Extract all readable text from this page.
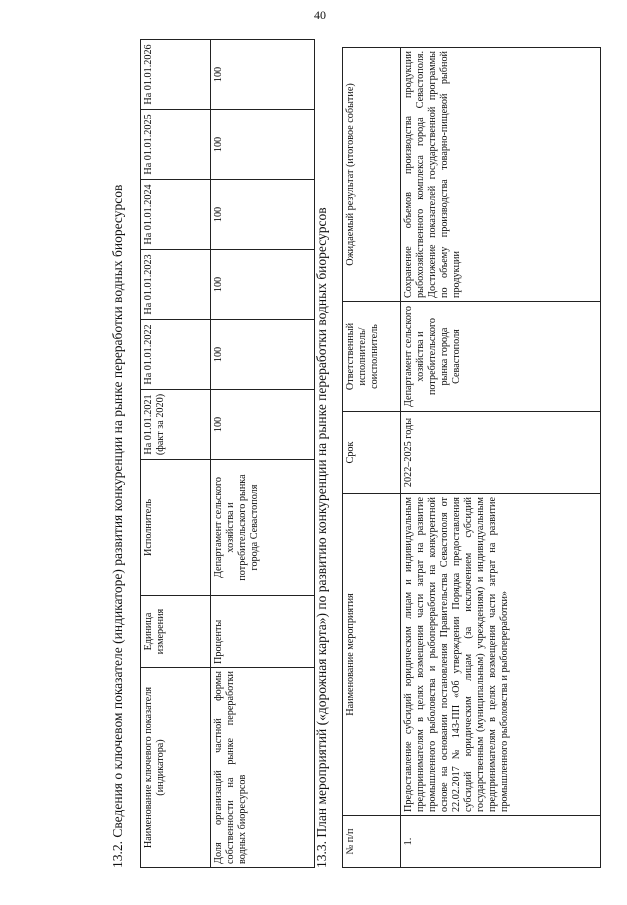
40
13.2. Сведения о ключевом показателе (индикаторе) развития конкуренции на рынке переработки водных биоресурсов Наименование ключевого показателя (индикатора)	Единица измерения	Исполнитель	На 01.01.2021 (факт за 2020)	На 01.01.2022	На 01.01.2023	На 01.01.2024	На 01.01.2025	На 01.01.2026
Доля организаций частной формы собственности на рынке переработки водных биоресурсов	Проценты	Департамент сельского хозяйства и потребительского рынка города Севастополя	100	100	100	100	100	100
13.3. План мероприятий («дорожная карта») по развитию конкуренции на рынке переработки водных биоресурсов № п/п	Наименование мероприятия	Срок	Ответственный исполнитель/ соисполнитель	Ожидаемый результат (итоговое событие)
1.	Предоставление субсидий юридическим лицам и индивидуальным предпринимателям в целях возмещения части затрат на развитие промышленного рыболовства и рыбопереработки на конкурентной основе на основании постановления Правительства Севастополя от 22.02.2017 № 143-ПП «Об утверждении Порядка предоставления субсидий юридическим лицам (за исключением субсидий государственным (муниципальным) учреждениям) и индивидуальным предпринимателям в целях возмещения части затрат на развитие промышленного рыболовства и рыбопереработки»	2022–2025 годы	Департамент сельского хозяйства и потребительского рынка города Севастополя	Сохранение объемов производства продукции рыбохозяйственного комплекса города Севастополя. Достижение показателей государственной программы по объему производства товарно-пищевой рыбной продукции
